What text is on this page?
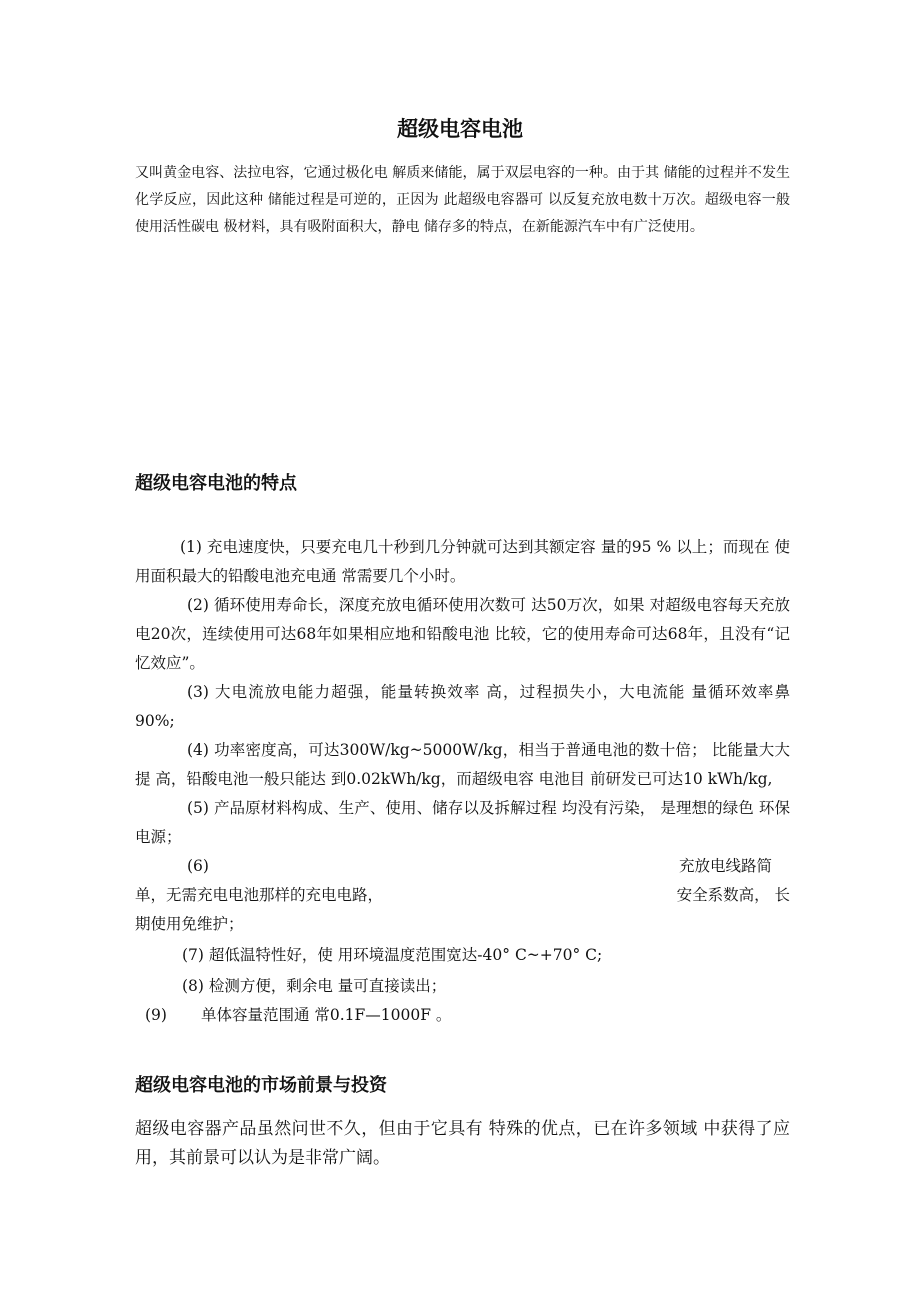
超级电容电池

又叫黄金电容、法拉电容，它通过极化电 解质来储能，属于双层电容的一种。由于其 储能的过程并不发生化学反应，因此这种 储能过程是可逆的，正因为 此超级电容器可 以反复充放电数十万次。超级电容一般使用活性碳电 极材料，具有吸附面积大，静电 储存多的特点，在新能源汽车中有广泛使用。

超级电容电池的特点
(1) 充电速度快，只要充电几十秒到几分钟就可达到其额定容 量的95 % 以上；而现在 使用面积最大的铅酸电池充电通 常需要几个小时。
(2) 循环使用寿命长，深度充放电循环使用次数可 达50万次，如果 对超级电容每天充放电20次，连续使用可达68年如果相应地和铅酸电池 比较，它的使用寿命可达68年，且没有“记忆效应”。
(3) 大电流放电能力超强，能量转换效率 高，过程损失小，大电流能 量循环效率鼻90%;
(4) 功率密度高，可达300W/kg~5000W/kg，相当于普通电池的数十倍； 比能量大大提 高，铅酸电池一般只能达 到0.02kWh/kg，而超级电容 电池目 前研发已可达10 kWh/kg,
(5) 产品原材料构成、生产、使用、储存以及拆解过程 均没有污染， 是理想的绿色 环保电源；
(6)	充放电线路简
单，无需充电电池那样的充电电路，	安全系数高， 长
期使用免维护；
(7) 超低温特性好，使 用环境温度范围宽达-40° C~+70° C;
(8) 检测方便，剩余电 量可直接读出；
(9) 单体容量范围通 常0.1F—1000F 。
超级电容电池的市场前景与投资

超级电容器产品虽然问世不久，但由于它具有 特殊的优点，已在许多领域 中获得了应用，其前景可以认为是非常广阔。
